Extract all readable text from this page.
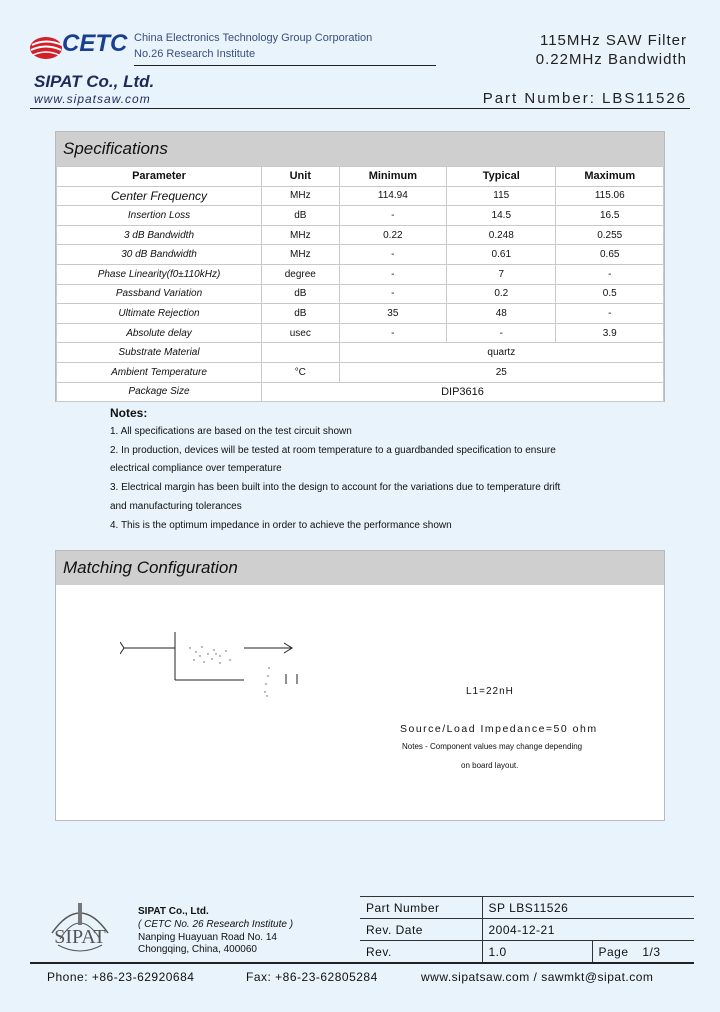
CETC China Electronics Technology Group Corporation
No.26 Research Institute
SIPAT Co., Ltd.
www.sipatsaw.com
115MHz SAW Filter
0.22MHz Bandwidth
Part Number: LBS11526
Specifications
Parameter	Unit	Minimum	Typical	Maximum
Center Frequency	MHz	114.94	115	115.06
Insertion Loss	dB	-	14.5	16.5
3 dB Bandwidth	MHz	0.22	0.248	0.255
30 dB Bandwidth	MHz	-	0.61	0.65
Phase Linearity(f0±110kHz)	degree	-	7	-
Passband Variation	dB	-	0.2	0.5
Ultimate Rejection	dB	35	48	-
Absolute delay	usec	-	-	3.9
Substrate Material		quartz		
Ambient Temperature	°C	25		
Package Size	DIP3616			
Notes:
1. All specifications are based on the test circuit shown
2. In production, devices will be tested at room temperature to a guardbanded specification to ensure
electrical compliance over temperature
3. Electrical margin has been built into the design to account for the variations due to temperature drift
and manufacturing tolerances
4. This is the optimum impedance in order to achieve the performance shown
Matching Configuration
L1=22nH
Source/Load Impedance=50 ohm
Notes - Component values may change depending
on board layout.
SIPAT
SIPAT Co., Ltd.
( CETC No. 26 Research Institute )
Nanping Huayuan Road No. 14
Chongqing, China, 400060
Part Number	SP LBS11526	
Rev. Date	2004-12-21	
Rev.	1.0	Page 1/3
Phone: +86-23-62920684	Fax: +86-23-62805284	www.sipatsaw.com / sawmkt@sipat.com
